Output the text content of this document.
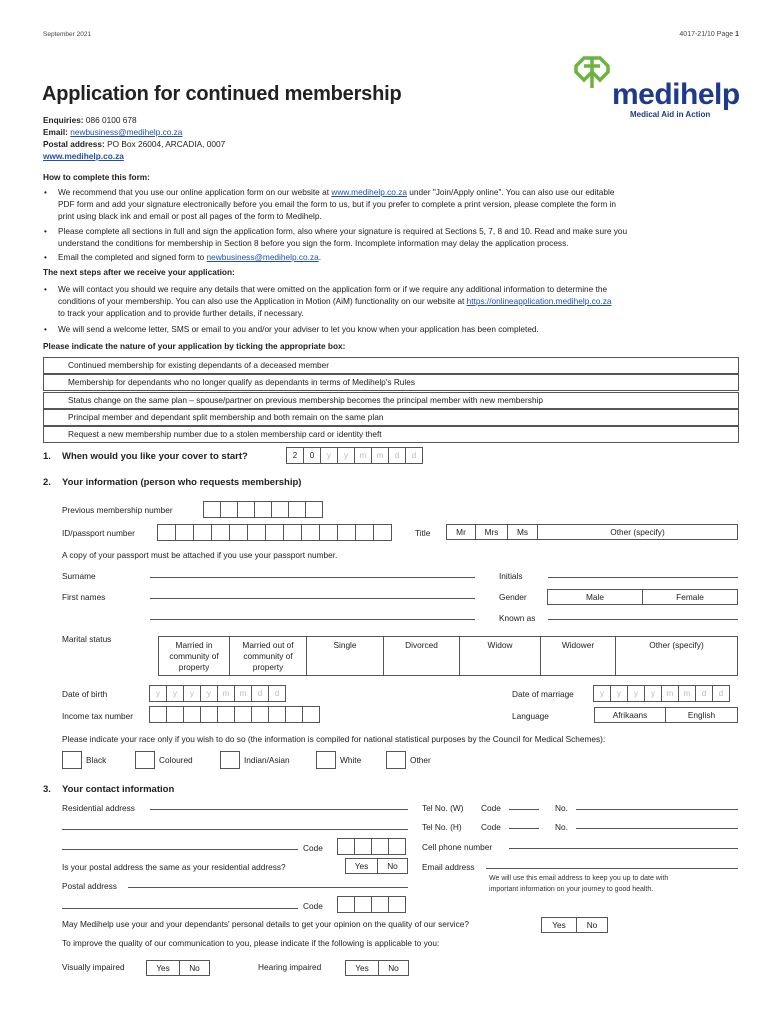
September 2021	4017-21/10 Page 1
medihelp
Medical Aid in Action
Application for continued membership
Enquiries: 086 0100 678
Email: newbusiness@medihelp.co.za
Postal address: PO Box 26004, ARCADIA, 0007
www.medihelp.co.za
How to complete this form:
• We recommend that you use our online application form on our website at www.medihelp.co.za under "Join/Apply online". You can also use our editable
PDF form and add your signature electronically before you email the form to us, but if you prefer to complete a print version, please complete the form in
print using black ink and email or post all pages of the form to Medihelp.
• Please complete all sections in full and sign the application form, also where your signature is required at Sections 5, 7, 8 and 10. Read and make sure you
understand the conditions for membership in Section 8 before you sign the form. Incomplete information may delay the application process.
• Email the completed and signed form to newbusiness@medihelp.co.za.
The next steps after we receive your application:
• We will contact you should we require any details that were omitted on the application form or if we require any additional information to determine the
conditions of your membership. You can also use the Application in Motion (AiM) functionality on our website at https://onlineapplication.medihelp.co.za
to track your application and to provide further details, if necessary.
• We will send a welcome letter, SMS or email to you and/or your adviser to let you know when your application has been completed.
Please indicate the nature of your application by ticking the appropriate box:
Continued membership for existing dependants of a deceased member
Membership for dependants who no longer qualify as dependants in terms of Medihelp's Rules
Status change on the same plan – spouse/partner on previous membership becomes the principal member with new membership
Principal member and dependant split membership and both remain on the same plan
Request a new membership number due to a stolen membership card or identity theft
1. When would you like your cover to start?	2	0	y	y	m	m	d	d
2. Your information (person who requests membership)
Previous membership number
ID/passport number	Title	Mr	Mrs	Ms	Other (specify)
A copy of your passport must be attached if you use your passport number.
Surname	Initials
First names	Gender	Male	Female
Known as
Marital status
Married in community of property
Married out of community of property
Single	Divorced	Widow	Widower	Other (specify)
Date of birth	y	y	y	y	m	m	d	d	Date of marriage	y	y	y	y	m	m	d	d
Income tax number	Language	Afrikaans	English
Please indicate your race only if you wish to do so (the information is compiled for national statistical purposes by the Council for Medical Schemes):
Black	Coloured	Indian/Asian	White	Other
3. Your contact information
Residential address
Code
Tel No. (W) Code	No.
Tel No. (H) Code	No.
Cell phone number
Is your postal address the same as your residential address?	Yes	No	Email address
We will use this email address to keep you up to date with
important information on your journey to good health.
Postal address
Code
May Medihelp use your and your dependants' personal details to get your opinion on the quality of our service?	Yes	No
To improve the quality of our communication to you, please indicate if the following is applicable to you:
Visually impaired	Yes	No	Hearing impaired	Yes	No
